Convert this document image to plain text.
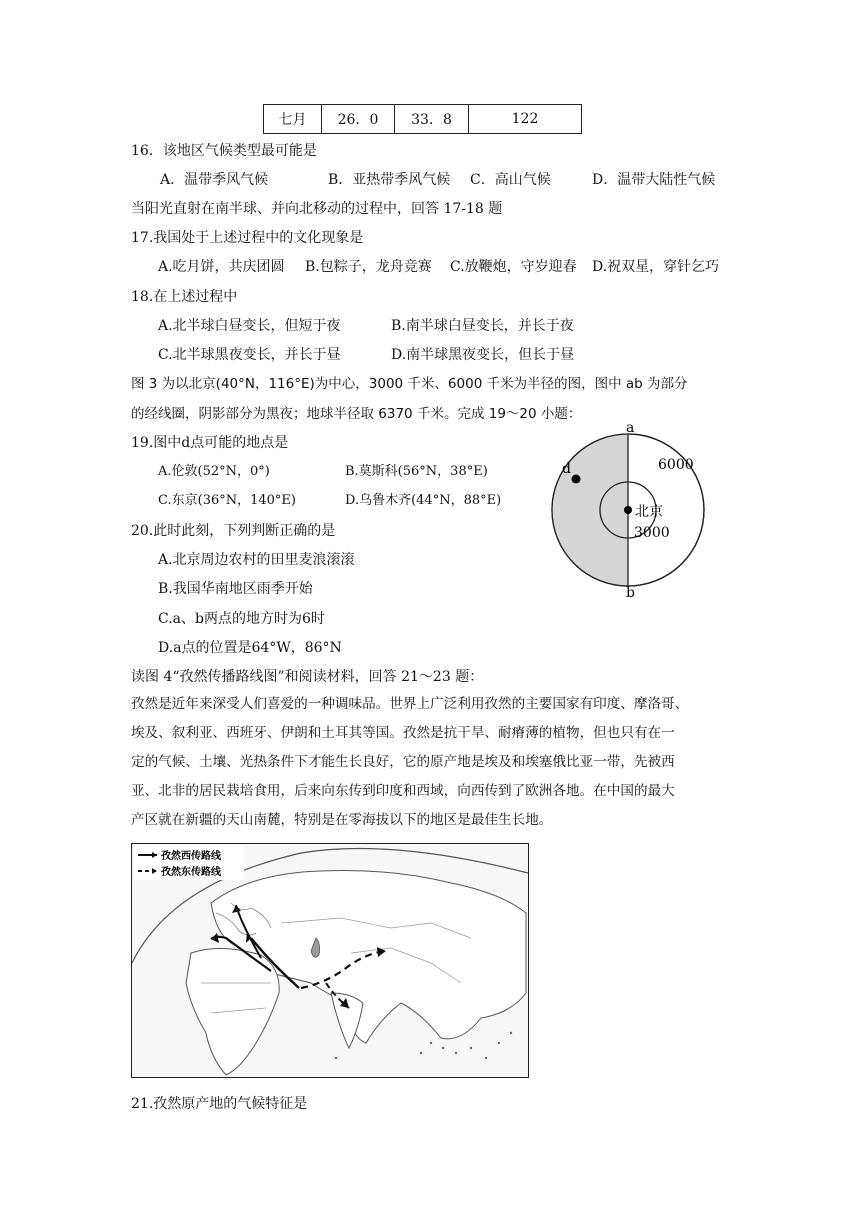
七月	26．0	33．8	122
16．该地区气候类型最可能是
A．温带季风气候	B．亚热带季风气候 C．高山气候	D．温带大陆性气候
当阳光直射在南半球、并向北移动的过程中，回答 17-18 题
17.我国处于上述过程中的文化现象是
A.吃月饼，共庆团圆 B.包粽子，龙舟竞赛 C.放鞭炮，守岁迎春 D.祝双星，穿针乞巧
18.在上述过程中
A.北半球白昼变长，但短于夜	B.南半球白昼变长，并长于夜
C.北半球黑夜变长，并长于昼	D.南半球黑夜变长，但长于昼
图 3 为以北京(40°N，116°E)为中心，3000 千米、6000 千米为半径的图，图中 ab 为部分
的经线圈，阴影部分为黑夜；地球半径取 6370 千米。完成 19～20 小题：
19.图中d点可能的地点是
A.伦敦(52°N，0°)	B.莫斯科(56°N，38°E)
C.东京(36°N，140°E)	D.乌鲁木齐(44°N，88°E)
20.此时此刻，下列判断正确的是
A.北京周边农村的田里麦浪滚滚
B.我国华南地区雨季开始
C.a、b两点的地方时为6时
D.a点的位置是64°W，86°N
a
b
d	6000
北京
3000
读图 4“孜然传播路线图”和阅读材料，回答 21～23 题：
孜然是近年来深受人们喜爱的一种调味品。世界上广泛利用孜然的主要国家有印度、摩洛哥、
埃及、叙利亚、西班牙、伊朗和土耳其等国。孜然是抗干旱、耐瘠薄的植物，但也只有在一
定的气候、土壤、光热条件下才能生长良好，它的原产地是埃及和埃塞俄比亚一带，先被西
亚、北非的居民栽培食用，后来向东传到印度和西域，向西传到了欧洲各地。在中国的最大
产区就在新疆的天山南麓，特别是在零海拔以下的地区是最佳生长地。
孜然西传路线
孜然东传路线
21.孜然原产地的气候特征是
